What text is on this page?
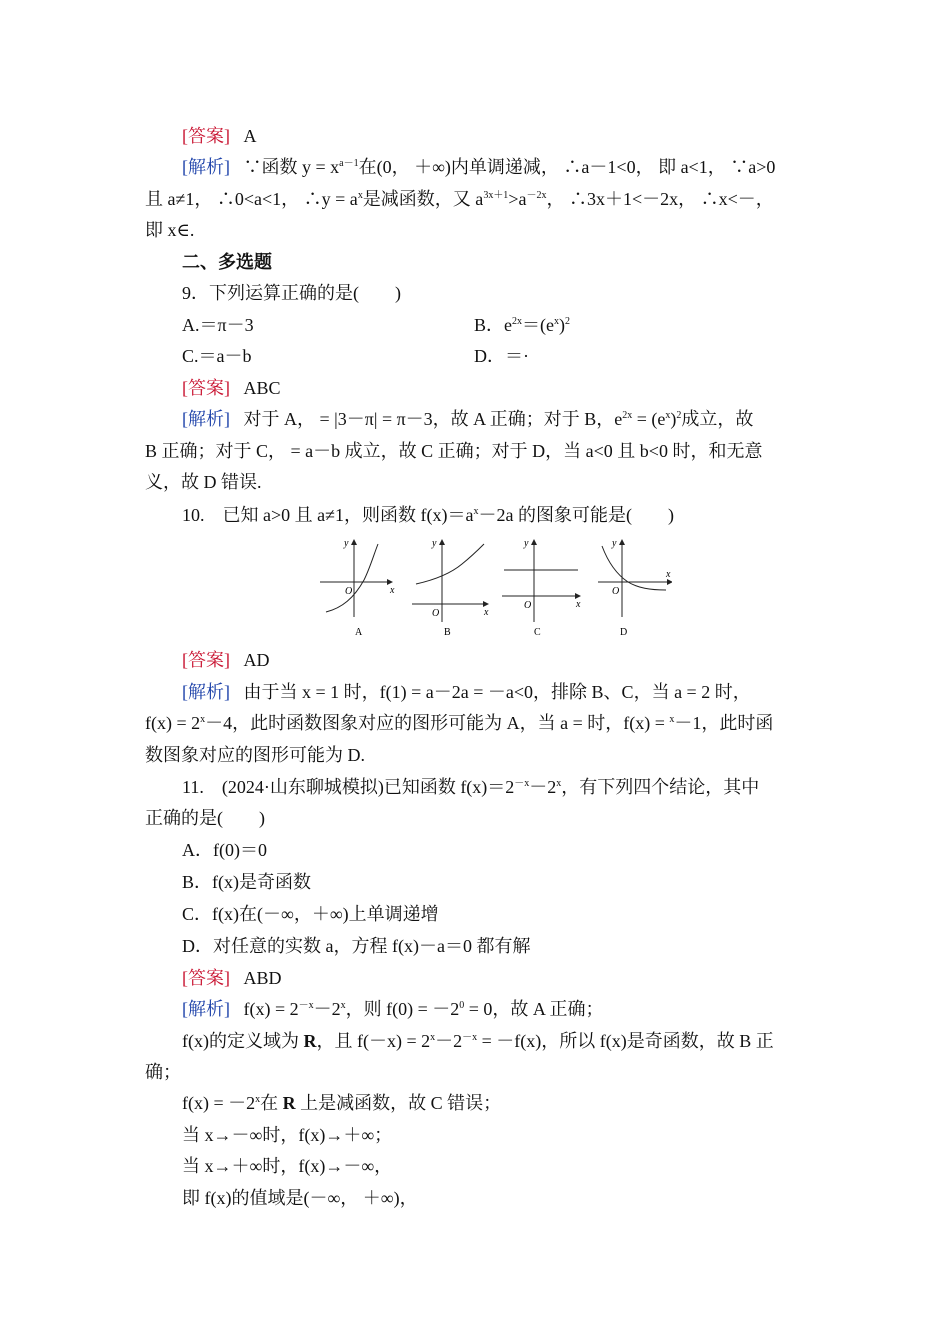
[答案] A
[解析] ∵函数 $y = x^{a-1}$在(0， ＋∞)内单调递减， ∴a－1<0， 即 a<1， ∵a>0
且 a≠1， ∴0<a<1， ∴y = $a^x$是减函数，又 $a^{3x+1}>a^{-2x}$， ∴3x＋1<－2x， ∴x<－，
即 x∈.
二、多选题
9．下列运算正确的是(　　)
A.＝π－3	B．$e^{2x}=(e^x)^2$
C.＝a－b	D．＝·
[答案] ABC
[解析] 对于 A， = |3－π| = π－3，故 A 正确；对于 B，$e^{2x} = (e^x)^2$成立，故
B 正确；对于 C， = a－b 成立，故 C 正确；对于 D，当 a<0 且 b<0 时，和无意
义，故 D 错误.
10.　已知 a>0 且 a≠1，则函数 $f(x)=a^x-2a$ 的图象可能是(　　)
O	x
y
A
O	x
y
B
O	x
y
C
O
x
y
D
[答案] AD
[解析] 由于当 x = 1 时，f(1) = a－2a = －a<0，排除 B、C，当 a = 2 时，
$f(x) = 2^x-4$，此时函数图象对应的图形可能为 A，当 a = 时，f(x) = $^x$－1，此时函
数图象对应的图形可能为 D.
11.　(2024·山东聊城模拟)已知函数 $f(x)=2^{-x}-2^x$，有下列四个结论，其中
正确的是(　　)
A．f(0)＝0
B．f(x)是奇函数
C．f(x)在(－∞，＋∞)上单调递增
D．对任意的实数 a，方程 f(x)－a＝0 都有解
[答案] ABD
[解析] $f(x) = 2^{-x}-2^x$，则 $f(0) = -2^0 = 0$，故 A 正确；
f(x)的定义域为 R，且 $f(-x) = 2^x-2^{-x} = -f(x)$，所以 f(x)是奇函数，故 B 正
确；
$f(x) = -2^x$在 R 上是减函数，故 C 错误；
当 x→－∞时，f(x)→＋∞；
当 x→＋∞时，f(x)→－∞，
即 f(x)的值域是(－∞， ＋∞)，
